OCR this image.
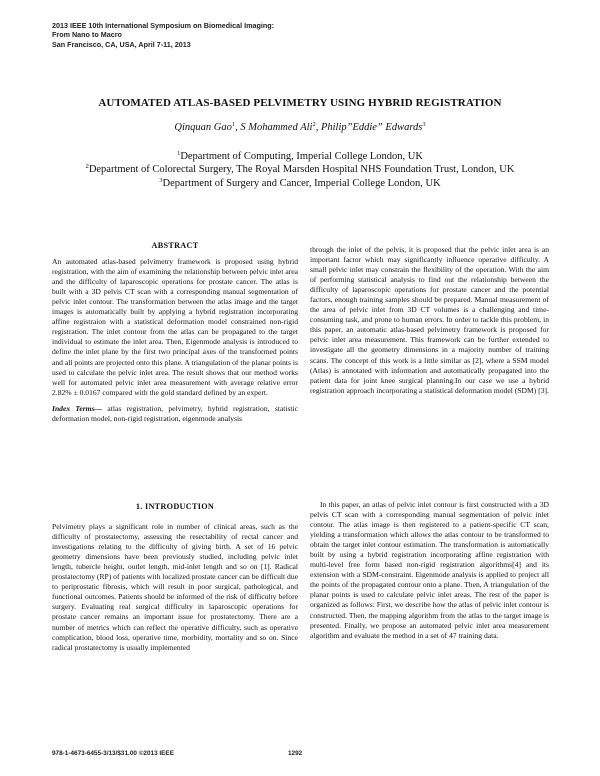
2013 IEEE 10th International Symposium on Biomedical Imaging:
From Nano to Macro
San Francisco, CA, USA, April 7-11, 2013
AUTOMATED ATLAS-BASED PELVIMETRY USING HYBRID REGISTRATION
Qinquan Gao$^1$, S Mohammed Ali$^2$, Philip”Eddie” Edwards$^3$
$^1$Department of Computing, Imperial College London, UK
$^2$Department of Colorectal Surgery, The Royal Marsden Hospital NHS Foundation Trust, London, UK
$^3$Department of Surgery and Cancer, Imperial College London, UK
ABSTRACT

An automated atlas-based pelvimetry framework is proposed using hybrid registration, with the aim of examining the relationship between pelvic inlet area and the difficulty of laparoscopic operations for prostate cancer. The atlas is built with a 3D pelvis CT scan with a corresponding manual segmentation of pelvic inlet contour. The transformation between the atlas image and the target images is automatically built by applying a hybrid registration incorporating affine registraion with a statistical deformation model constrained non-rigid registration. The inlet contour from the atlas can be propagated to the target individual to estimate the inlet area. Then, Eigenmode analysis is introduced to define the inlet plane by the first two principal axes of the transformed points and all points are projected onto this plane. A triangulation of the planar points is used to calculate the pelvic inlet area. The result shows that our method works well for automated pelvic inlet area measurement with average relative error 2.82% ± 0.0167 compared with the gold standard defined by an expert.

Index Terms— atlas registration, pelvimetry, hybrid registration, statistic deformation model, non-rigid registration, eigenmode analysis

through the inlet of the pelvis, it is proposed that the pelvic inlet area is an important factor which may significantly influence operative difficulty. A small pelvic inlet may constrain the flexibility of the operation. With the aim of performing statistical analysis to find out the relationship between the difficulty of laparoscopic operations for prostate cancer and the potential factors, enough training samples should be prepared. Manual measurement of the area of pelvic inlet from 3D CT volumes is a challenging and time-consuming task, and prone to human errors. In order to tackle this problem, in this paper, an automatic atlas-based pelvimetry framework is proposed for pelvic inlet area measurement. This framework can be further extended to investigate all the geometry dimensions in a majority number of training scans. The concept of this work is a little similar as [2], where a SSM model (Atlas) is annotated with information and automatically propagated into the patient data for joint knee surgical planning.In our case we use a hybrid registration approach incorporating a statistical deformation model (SDM) [3].

1. INTRODUCTION

Pelvimetry plays a significant role in number of clinical areas, such as the difficulty of prostatectomy, assessing the resectability of rectal cancer and investigations relating to the difficulty of giving birth. A set of 16 pelvic geometry dimensions have been previously studied, including pelvic inlet length, tubercle height, outlet length, mid-inlet length and so on [1]. Radical prostatectomy (RP) of patients with localized prostate cancer can be difficult due to periprostatic fibrosis, which will result in poor surgical, pathological, and functional outcomes. Patients should be informed of the risk of difficulty before surgery. Evaluating real surgical difficulty in laparoscopic operations for prostate cancer remains an important issue for prostatectomy. There are a number of metrics which can reflect the operative difficulty, such as operative complication, blood loss, operative time, morbidity, mortality and so on. Since radical prostatectomy is usually implemented

In this paper, an atlas of pelvic inlet contour is first constructed with a 3D pelvis CT scan with a corresponding manual segmentation of pelvic inlet contour. The atlas image is then registered to a patient-specific CT scan, yielding a transformation which allows the atlas contour to be transformed to obtain the target inlet contour estimation. The transformation is automatically built by using a hybrid registration incorporating affine registration with multi-level free form based non-rigid registration algorithms[4] and its extension with a SDM-constraint. Eigenmode analysis is applied to project all the points of the propagated contour onto a plane. Then, A triangulation of the planar points is used to calculate pelvic inlet areas. The rest of the paper is organized as follows: First, we describe how the atlas of pelvic inlet contour is constructed. Then, the mapping algorithm from the atlas to the target image is presented. Finally, we propose an automated pelvic inlet area measurement algorithm and evaluate the method in a set of 47 training data.

978-1-4673-6455-3/13/$31.00 ©2013 IEEE	1292
